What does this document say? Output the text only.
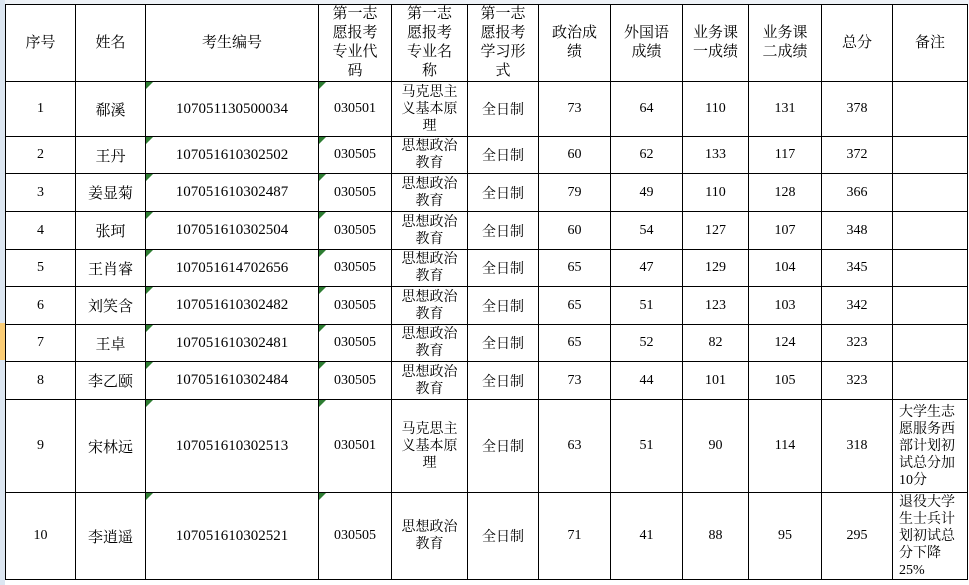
序号	姓名	考生编号	第一志愿报考专业代码	第一志愿报考专业名称	第一志愿报考学习形式	政治成绩	外国语成绩	业务课一成绩	业务课二成绩	总分	备注
1	郗溪	107051130500034	030501	马克思主义基本原理	全日制	73	64	110	131	378	
2	王丹	107051610302502	030505	思想政治教育	全日制	60	62	133	117	372	
3	姜显菊	107051610302487	030505	思想政治教育	全日制	79	49	110	128	366	
4	张珂	107051610302504	030505	思想政治教育	全日制	60	54	127	107	348	
5	王肖睿	107051614702656	030505	思想政治教育	全日制	65	47	129	104	345	
6	刘笑含	107051610302482	030505	思想政治教育	全日制	65	51	123	103	342	
7	王卓	107051610302481	030505	思想政治教育	全日制	65	52	82	124	323	
8	李乙颐	107051610302484	030505	思想政治教育	全日制	73	44	101	105	323	
9	宋林远	107051610302513	030501	马克思主义基本原理	全日制	63	51	90	114	318	大学生志愿服务西部计划初试总分加10分
10	李逍遥	107051610302521	030505	思想政治教育	全日制	71	41	88	95	295	退役大学生士兵计划初试总分下降25%
